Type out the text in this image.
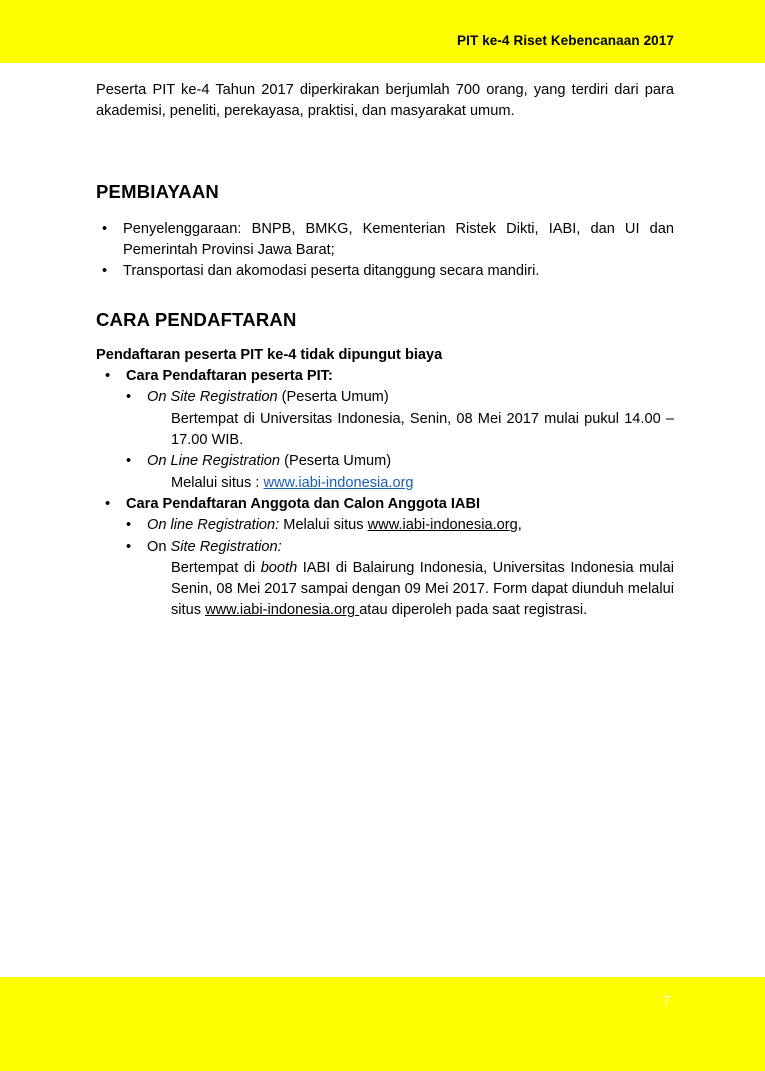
PIT ke-4 Riset Kebencanaan 2017
7

Peserta PIT ke-4 Tahun 2017 diperkirakan berjumlah 700 orang, yang terdiri dari para akademisi, peneliti, perekayasa, praktisi, dan masyarakat umum.

PEMBIAYAAN
•	Penyelenggaraan: BNPB, BMKG, Kementerian Ristek Dikti, IABI, dan UI dan Pemerintah Provinsi Jawa Barat;
•	Transportasi dan akomodasi peserta ditanggung secara mandiri.
CARA PENDAFTARAN

Pendaftaran peserta PIT ke-4 tidak dipungut biaya

•	Cara Pendaftaran peserta PIT:
•	On Site Registration (Peserta Umum)

Bertempat di Universitas Indonesia, Senin, 08 Mei 2017 mulai pukul 14.00 – 17.00 WIB.

•	On Line Registration (Peserta Umum)

Melalui situs : www.iabi-indonesia.org

•	Cara Pendaftaran Anggota dan Calon Anggota IABI
•	On line Registration: Melalui situs www.iabi-indonesia.org,
•	On Site Registration:

Bertempat di booth IABI di Balairung Indonesia, Universitas Indonesia mulai Senin, 08 Mei 2017 sampai dengan 09 Mei 2017. Form dapat diunduh melalui situs www.iabi-indonesia.org atau diperoleh pada saat registrasi.
